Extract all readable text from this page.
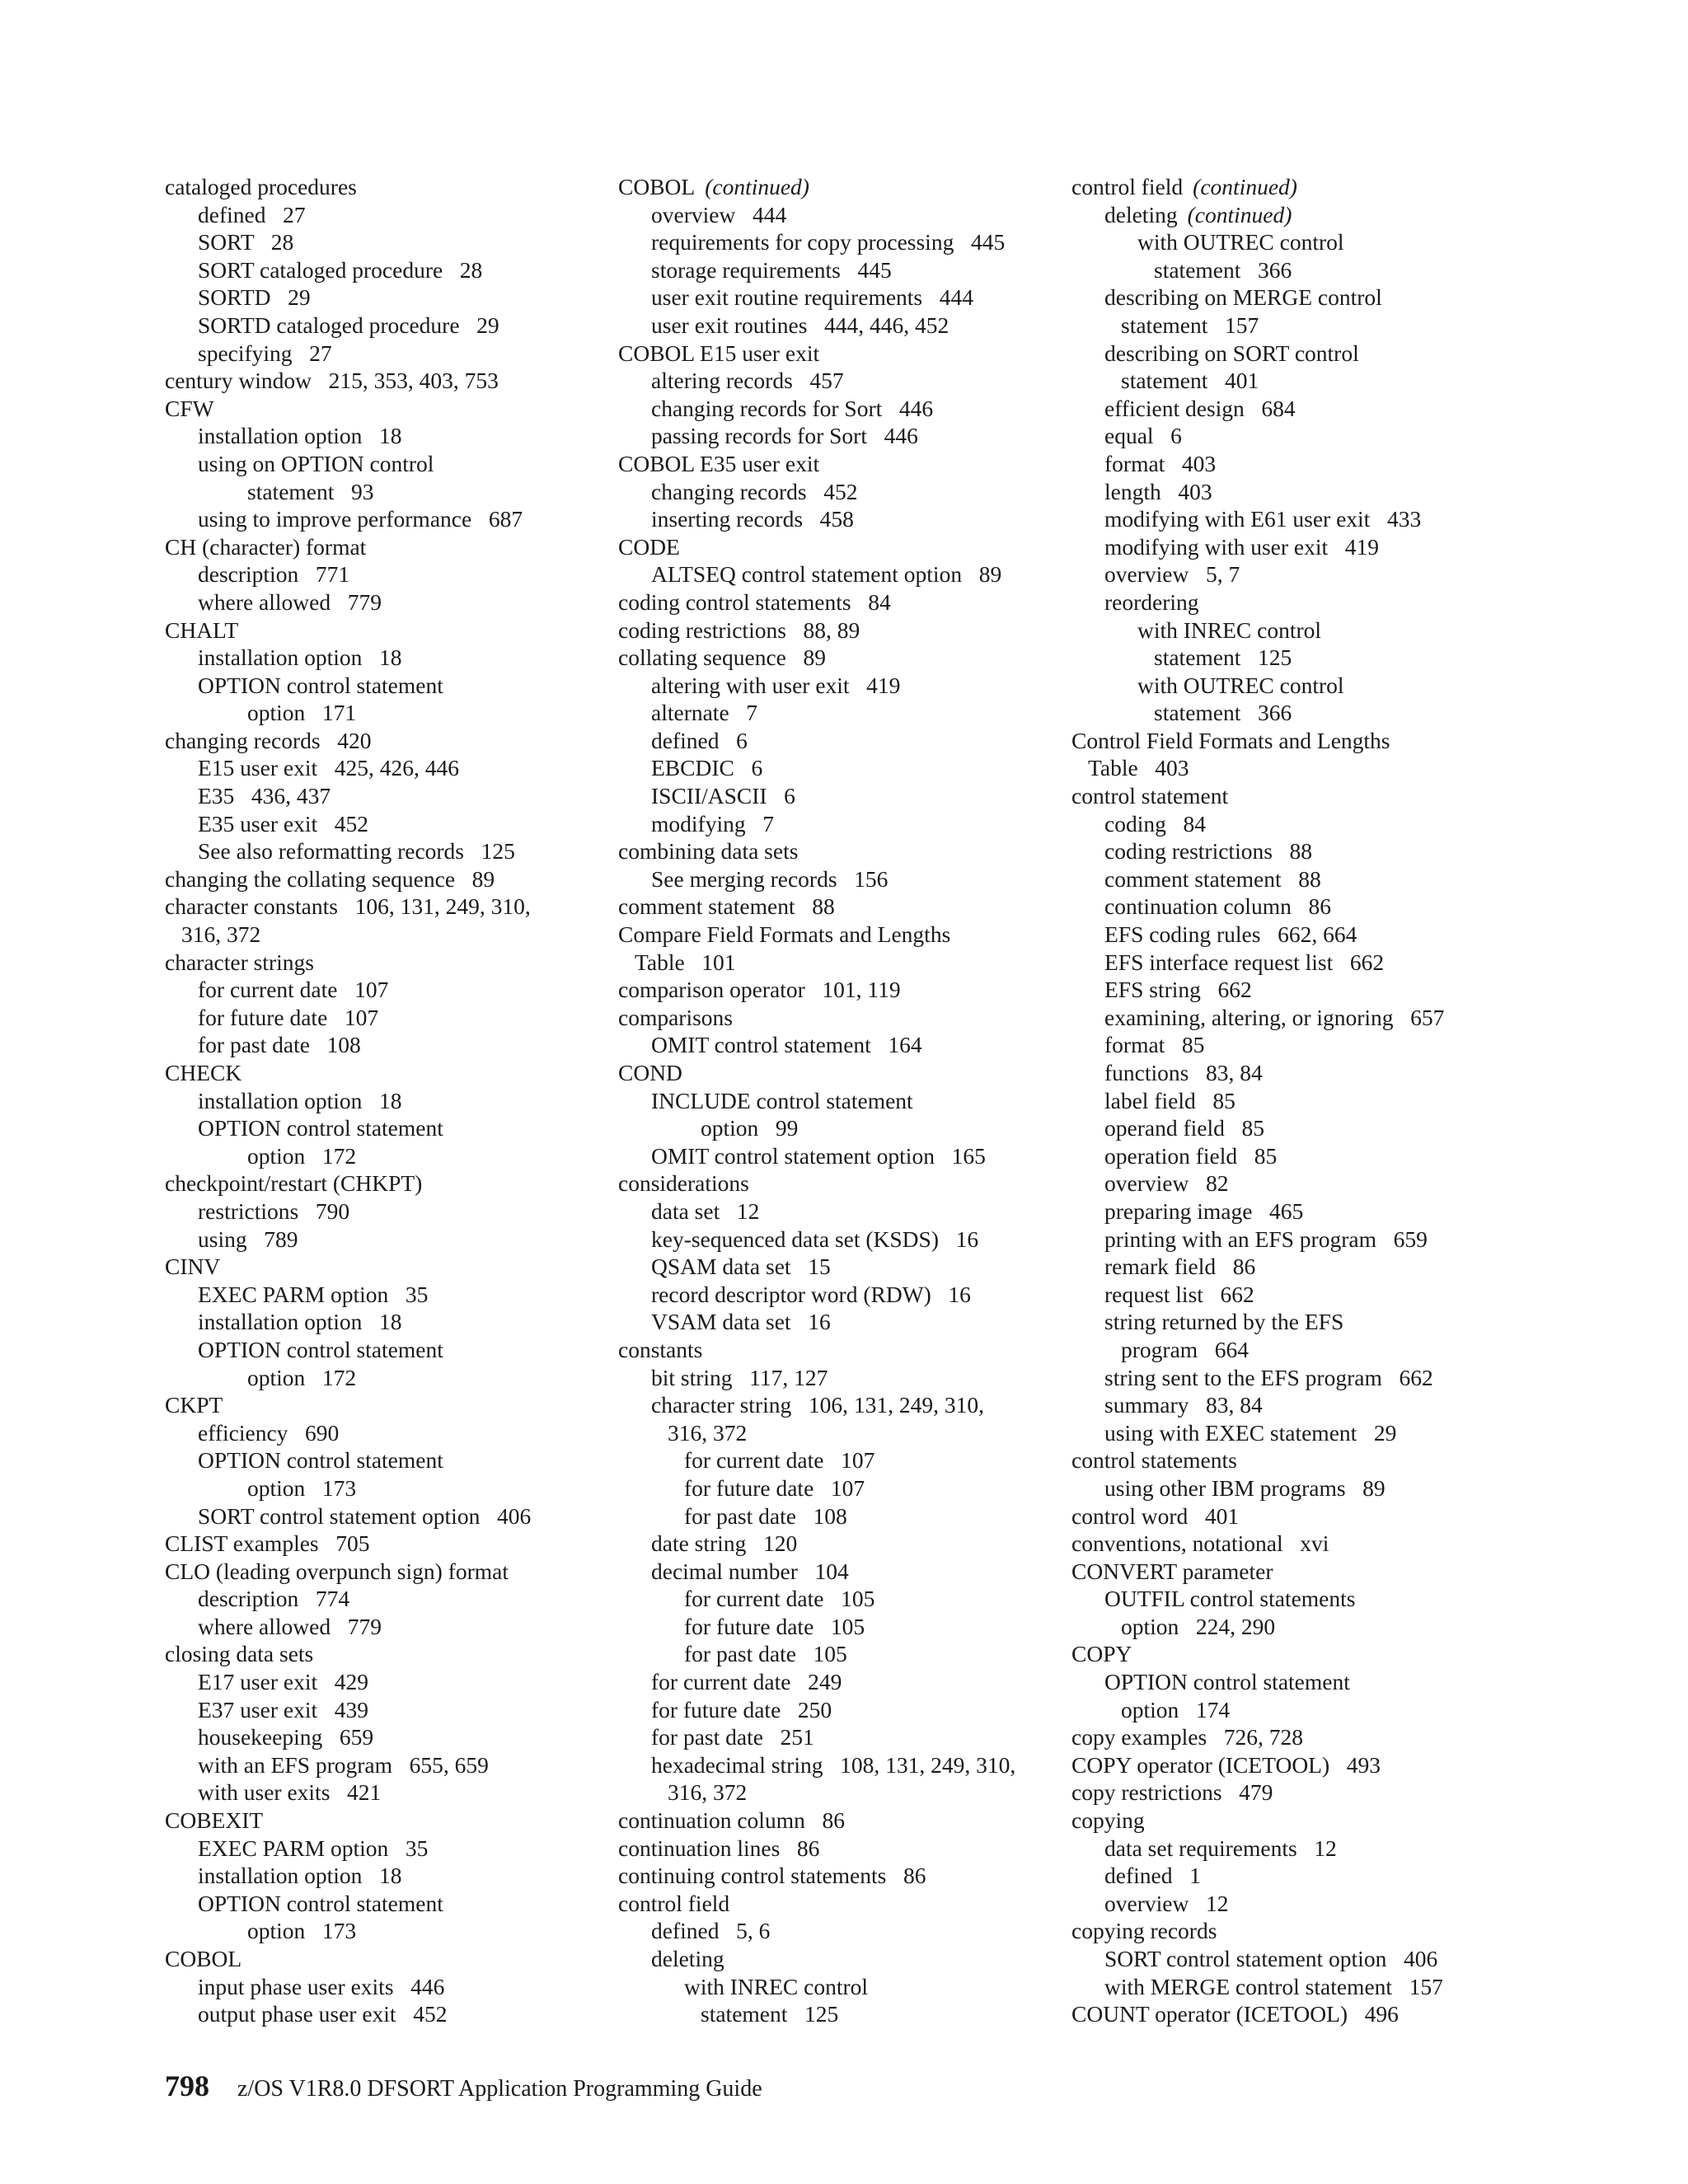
cataloged procedures
defined   27
SORT   28
SORT cataloged procedure   28
SORTD   29
SORTD cataloged procedure   29
specifying   27
century window   215, 353, 403, 753
CFW
installation option   18
using on OPTION control
statement   93
using to improve performance   687
CH (character) format
description   771
where allowed   779
CHALT
installation option   18
OPTION control statement
option   171
changing records   420
E15 user exit   425, 426, 446
E35   436, 437
E35 user exit   452
See also reformatting records   125
changing the collating sequence   89
character constants   106, 131, 249, 310,
316, 372
character strings
for current date   107
for future date   107
for past date   108
CHECK
installation option   18
OPTION control statement
option   172
checkpoint/restart (CHKPT)
restrictions   790
using   789
CINV
EXEC PARM option   35
installation option   18
OPTION control statement
option   172
CKPT
efficiency   690
OPTION control statement
option   173
SORT control statement option   406
CLIST examples   705
CLO (leading overpunch sign) format
description   774
where allowed   779
closing data sets
E17 user exit   429
E37 user exit   439
housekeeping   659
with an EFS program   655, 659
with user exits   421
COBEXIT
EXEC PARM option   35
installation option   18
OPTION control statement
option   173
COBOL
input phase user exits   446
output phase user exit   452
COBOL (continued)
overview   444
requirements for copy processing   445
storage requirements   445
user exit routine requirements   444
user exit routines   444, 446, 452
COBOL E15 user exit
altering records   457
changing records for Sort   446
passing records for Sort   446
COBOL E35 user exit
changing records   452
inserting records   458
CODE
ALTSEQ control statement option   89
coding control statements   84
coding restrictions   88, 89
collating sequence   89
altering with user exit   419
alternate   7
defined   6
EBCDIC   6
ISCII/ASCII   6
modifying   7
combining data sets
See merging records   156
comment statement   88
Compare Field Formats and Lengths
Table   101
comparison operator   101, 119
comparisons
OMIT control statement   164
COND
INCLUDE control statement
option   99
OMIT control statement option   165
considerations
data set   12
key-sequenced data set (KSDS)   16
QSAM data set   15
record descriptor word (RDW)   16
VSAM data set   16
constants
bit string   117, 127
character string   106, 131, 249, 310,
316, 372
for current date   107
for future date   107
for past date   108
date string   120
decimal number   104
for current date   105
for future date   105
for past date   105
for current date   249
for future date   250
for past date   251
hexadecimal string   108, 131, 249, 310,
316, 372
continuation column   86
continuation lines   86
continuing control statements   86
control field
defined   5, 6
deleting
with INREC control
statement   125
control field (continued)
deleting (continued)
with OUTREC control
statement   366
describing on MERGE control
statement   157
describing on SORT control
statement   401
efficient design   684
equal   6
format   403
length   403
modifying with E61 user exit   433
modifying with user exit   419
overview   5, 7
reordering
with INREC control
statement   125
with OUTREC control
statement   366
Control Field Formats and Lengths
Table   403
control statement
coding   84
coding restrictions   88
comment statement   88
continuation column   86
EFS coding rules   662, 664
EFS interface request list   662
EFS string   662
examining, altering, or ignoring   657
format   85
functions   83, 84
label field   85
operand field   85
operation field   85
overview   82
preparing image   465
printing with an EFS program   659
remark field   86
request list   662
string returned by the EFS
program   664
string sent to the EFS program   662
summary   83, 84
using with EXEC statement   29
control statements
using other IBM programs   89
control word   401
conventions, notational   xvi
CONVERT parameter
OUTFIL control statements
option   224, 290
COPY
OPTION control statement
option   174
copy examples   726, 728
COPY operator (ICETOOL)   493
copy restrictions   479
copying
data set requirements   12
defined   1
overview   12
copying records
SORT control statement option   406
with MERGE control statement   157
COUNT operator (ICETOOL)   496
798 z/OS V1R8.0 DFSORT Application Programming Guide
